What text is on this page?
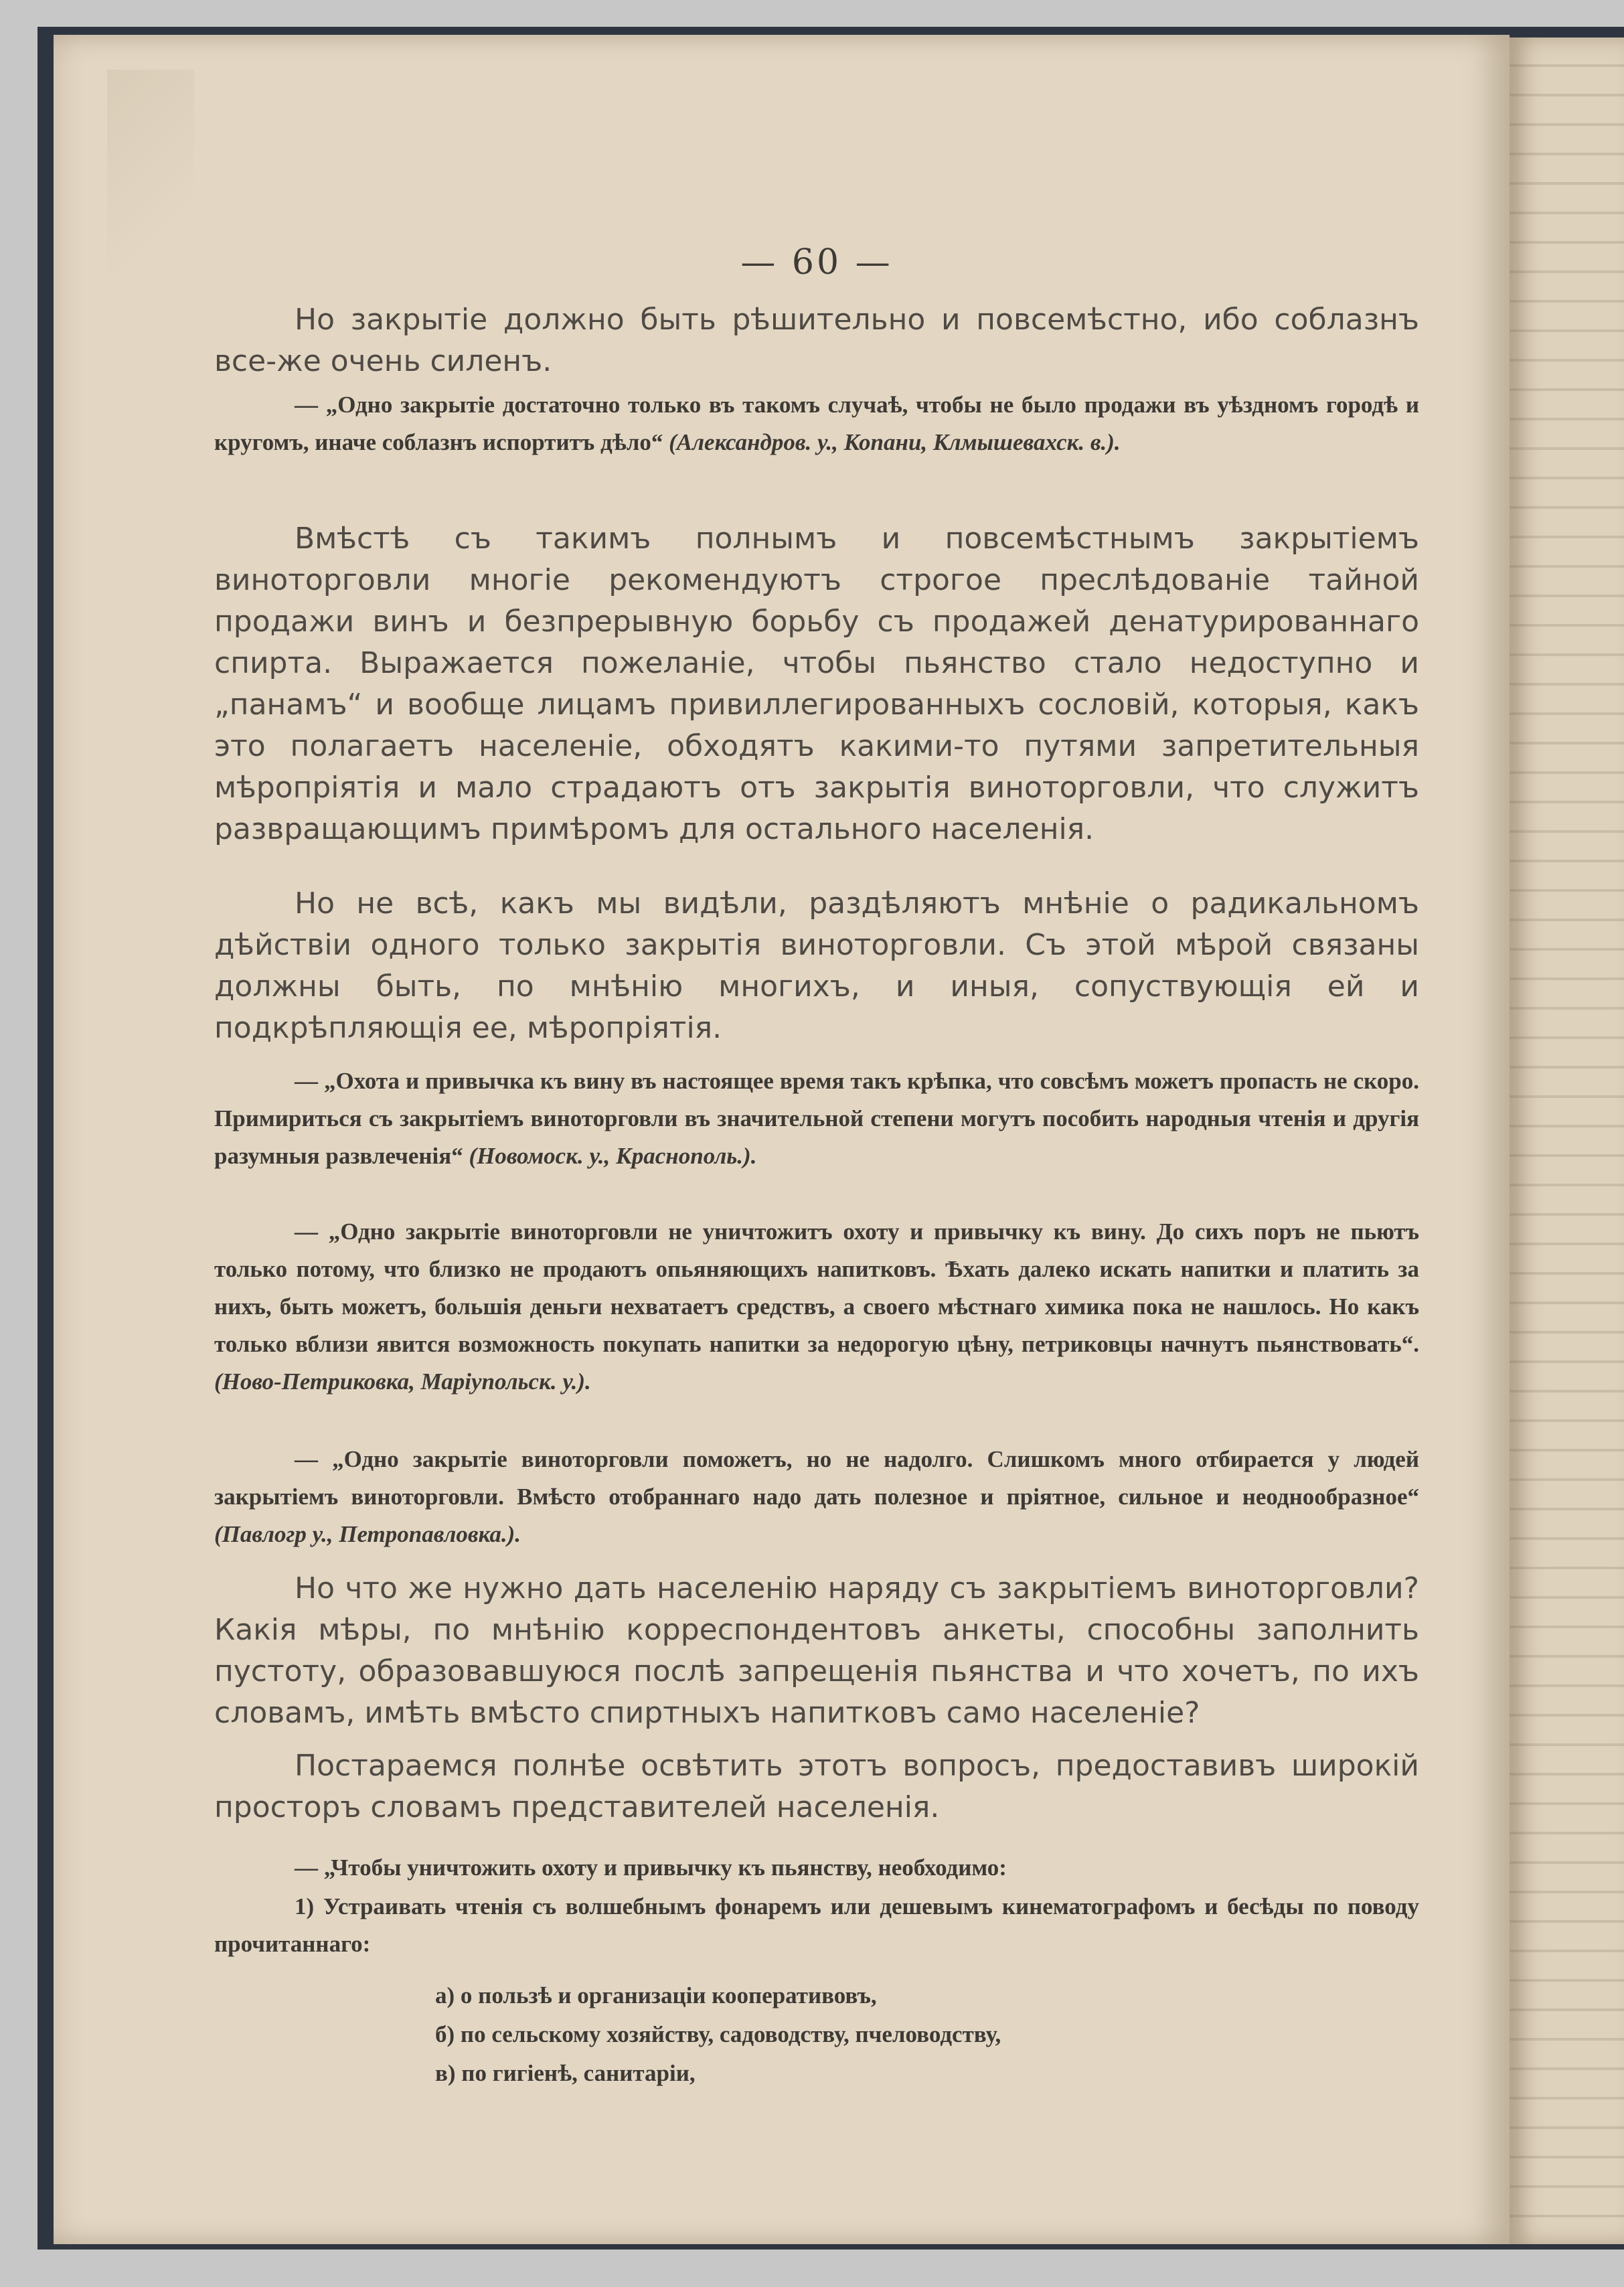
— 60 —

Но закрытіе должно быть рѣшительно и повсемѣстно, ибо соблазнъ все-же очень силенъ.

— „Одно закрытіе достаточно только въ такомъ случаѣ, чтобы не было продажи въ уѣздномъ городѣ и кругомъ, иначе соблазнъ испортитъ дѣло“ (Александров. у., Копани, Клмышевахск. в.).

Вмѣстѣ съ такимъ полнымъ и повсемѣстнымъ закрытіемъ виноторговли многіе рекомендуютъ строгое преслѣдованіе тайной продажи винъ и безпрерывную борьбу съ продажей денатурированнаго спирта. Выражается пожеланіе, чтобы пьянство стало недоступно и „панамъ“ и вообще лицамъ привиллегированныхъ сословій, которыя, какъ это полагаетъ населеніе, обходятъ какими-то путями запретительныя мѣропріятія и мало страдаютъ отъ закрытія виноторговли, что служитъ развращающимъ примѣромъ для остального населенія.

Но не всѣ, какъ мы видѣли, раздѣляютъ мнѣніе о радикальномъ дѣйствіи одного только закрытія виноторговли. Съ этой мѣрой связаны должны быть, по мнѣнію многихъ, и иныя, сопуствующія ей и подкрѣпляющія ее, мѣропріятія.

— „Охота и привычка къ вину въ настоящее время такъ крѣпка, что совсѣмъ можетъ пропасть не скоро. Примириться съ закрытіемъ виноторговли въ значительной степени могутъ пособить народныя чтенія и другія разумныя развлеченія“ (Новомоск. у., Краснополь.).

— „Одно закрытіе виноторговли не уничтожитъ охоту и привычку къ вину. До сихъ поръ не пьютъ только потому, что близко не продаютъ опьяняющихъ напитковъ. Ѣхать далеко искать напитки и платить за нихъ, быть можетъ, большія деньги нехватаетъ средствъ, а своего мѣстнаго химика пока не нашлось. Но какъ только вблизи явится возможность покупать напитки за недорогую цѣну, петриковцы начнутъ пьянствовать“. (Ново-Петриковка, Маріупольск. у.).

— „Одно закрытіе виноторговли поможетъ, но не надолго. Слишкомъ много отбирается у людей закрытіемъ виноторговли. Вмѣсто отобраннаго надо дать полезное и пріятное, сильное и неоднообразное“ (Павлогр у., Петропавловка.).

Но что же нужно дать населенію наряду съ закрытіемъ виноторговли? Какія мѣры, по мнѣнію корреспондентовъ анкеты, способны заполнить пустоту, образовавшуюся послѣ запрещенія пьянства и что хочетъ, по ихъ словамъ, имѣть вмѣсто спиртныхъ напитковъ само населеніе?

Постараемся полнѣе освѣтить этотъ вопросъ, предоставивъ широкій просторъ словамъ представителей населенія.

— „Чтобы уничтожить охоту и привычку къ пьянству, необходимо:

1) Устраивать чтенія съ волшебнымъ фонаремъ или дешевымъ кинематографомъ и бесѣды по поводу прочитаннаго:

а) о пользѣ и организаціи кооперативовъ,
б) по сельскому хозяйству, садоводству, пчеловодству,
в) по гигіенѣ, санитаріи,
